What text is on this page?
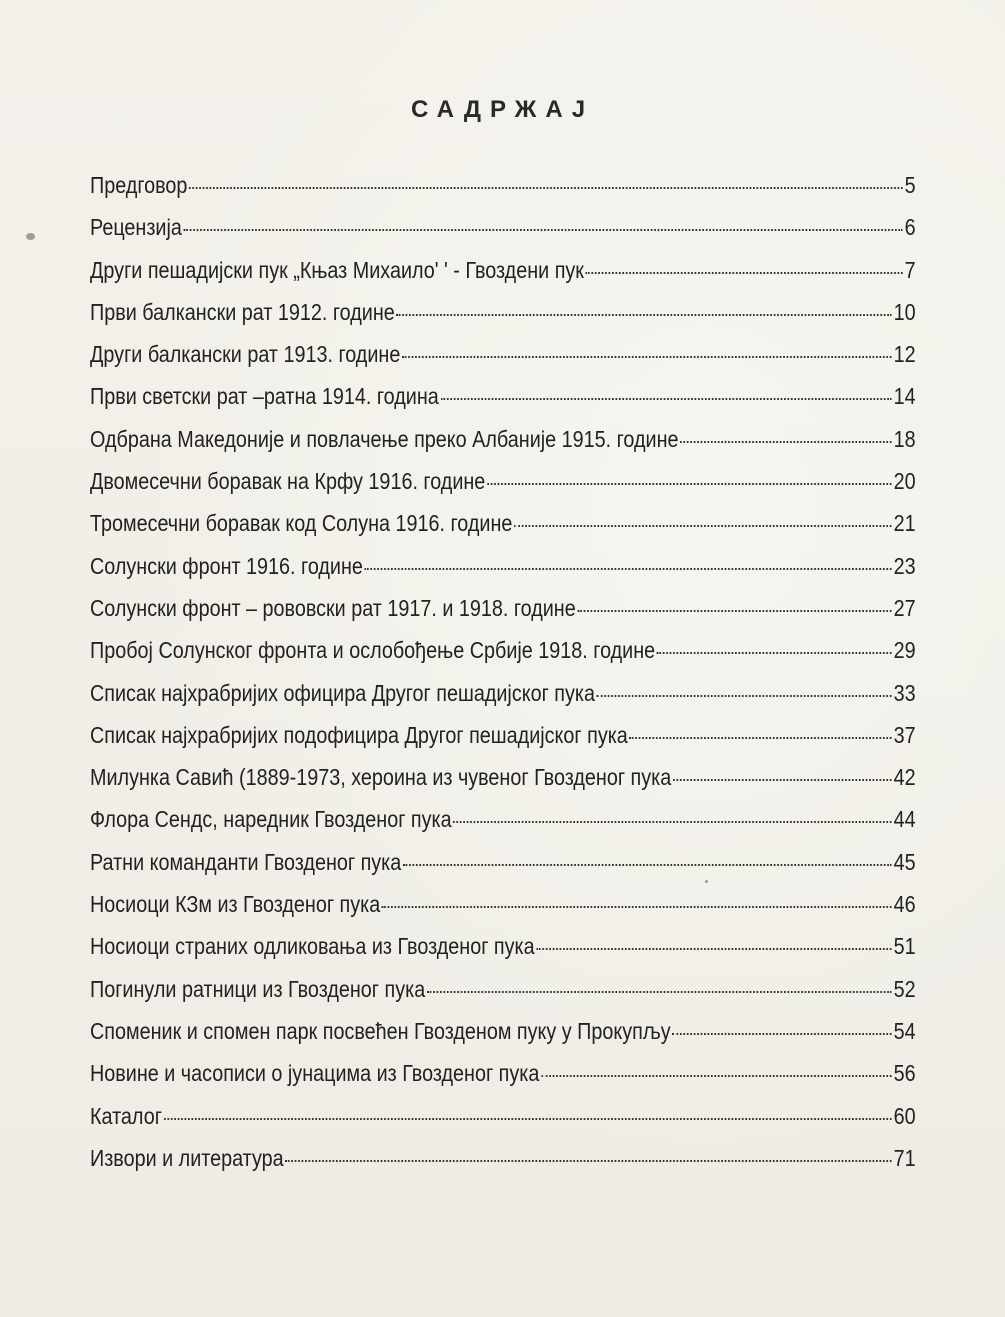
САДРЖАЈ
Предговор	5
Рецензија	6
Други пешадијски пук „Књаз Михаило' ' - Гвоздени пук	7
Први балкански рат 1912. године	10
Други балкански рат 1913. године	12
Први светски рат –ратна 1914. година	14
Одбрана Македоније и повлачење преко Албаније 1915. године	18
Двомесечни боравак на Крфу 1916. године	20
Тромесечни боравак код Солуна 1916. године	21
Солунски фронт 1916. године	23
Солунски фронт – рововски рат 1917. и 1918. године	27
Пробој Солунског фронта и ослобођење Србије 1918. године	29
Списак најхрабријих официра Другог пешадијског пука	33
Списак најхрабријих подофицира Другог пешадијског пука	37
Милунка Савић (1889-1973, хероина из чувеног Гвозденог пука	42
Флора Сендс, наредник Гвозденог пука	44
Ратни команданти Гвозденог пука	45
Носиоци КЗм из Гвозденог пука	46
Носиоци страних одликовања из Гвозденог пука	51
Погинули ратници из Гвозденог пука	52
Споменик и спомен парк посвећен Гвозденом пуку у Прокупљу	54
Новине и часописи о јунацима из Гвозденог пука	56
Каталог	60
Извори и литература	71
